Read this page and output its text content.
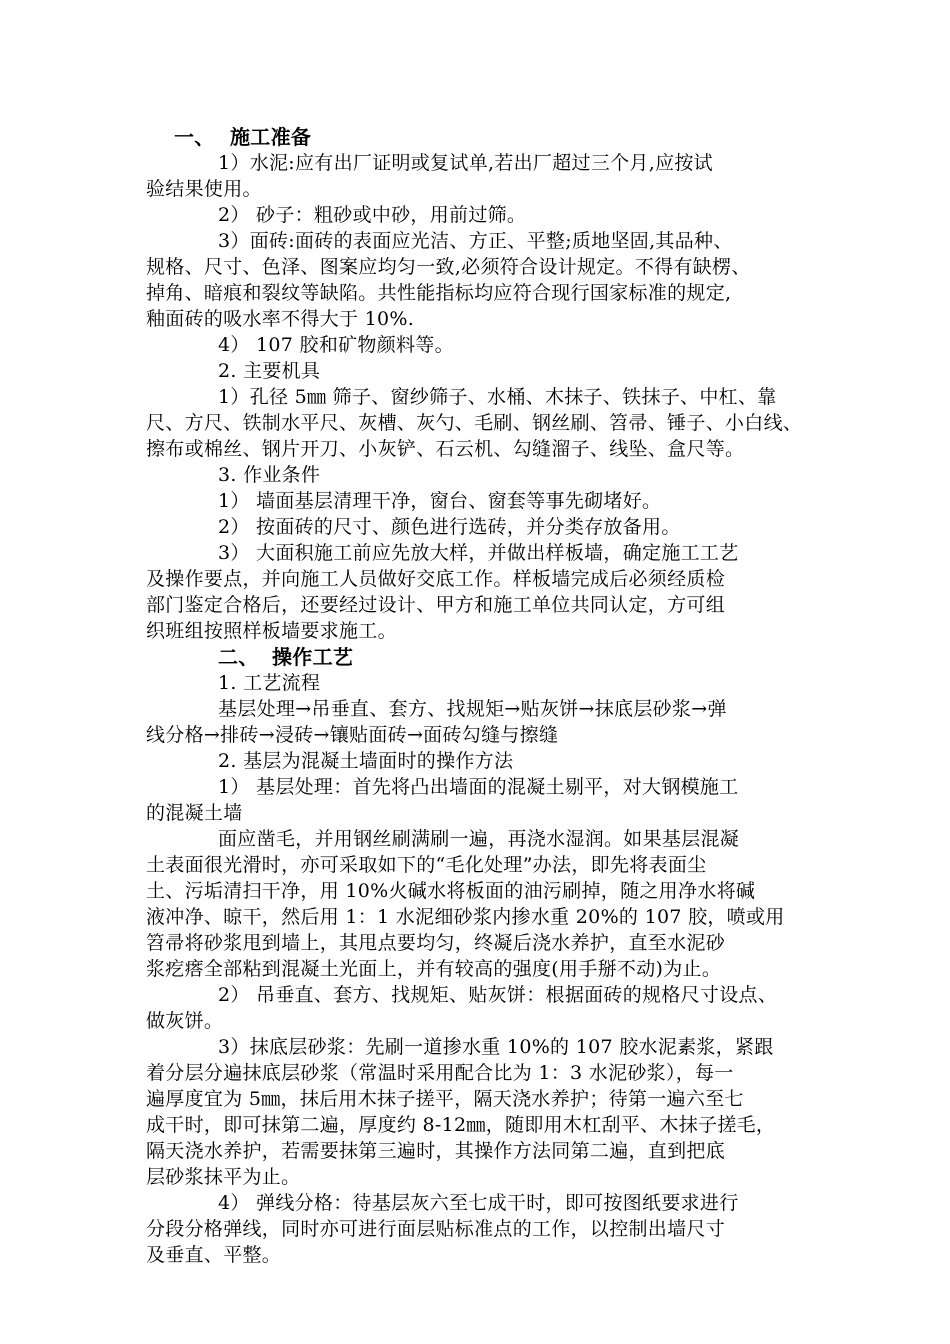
一、 施工准备
1）水泥:应有出厂证明或复试单,若出厂超过三个月,应按试
验结果使用。
2） 砂子：粗砂或中砂，用前过筛。
3）面砖:面砖的表面应光洁、方正、平整;质地坚固,其品种、
规格、尺寸、色泽、图案应均匀一致,必须符合设计规定。不得有缺楞、
掉角、暗痕和裂纹等缺陷。共性能指标均应符合现行国家标准的规定,
釉面砖的吸水率不得大于 10%.
4） 107 胶和矿物颜料等。
2. 主要机具
1）孔径 5㎜ 筛子、窗纱筛子、水桶、木抹子、铁抹子、中杠、靠
尺、方尺、铁制水平尺、灰槽、灰勺、毛刷、钢丝刷、笤帚、锤子、小白线、
擦布或棉丝、钢片开刀、小灰铲、石云机、勾缝溜子、线坠、盒尺等。
3. 作业条件
1） 墙面基层清理干净，窗台、窗套等事先砌堵好。
2） 按面砖的尺寸、颜色进行选砖，并分类存放备用。
3） 大面积施工前应先放大样，并做出样板墙，确定施工工艺
及操作要点，并向施工人员做好交底工作。样板墙完成后必须经质检
部门鉴定合格后，还要经过设计、甲方和施工单位共同认定，方可组
织班组按照样板墙要求施工。
二、 操作工艺
1. 工艺流程
基层处理→吊垂直、套方、找规矩→贴灰饼→抹底层砂浆→弹
线分格→排砖→浸砖→镶贴面砖→面砖勾缝与擦缝
2. 基层为混凝土墙面时的操作方法
1） 基层处理：首先将凸出墙面的混凝土剔平，对大钢模施工
的混凝土墙
面应凿毛，并用钢丝刷满刷一遍，再浇水湿润。如果基层混凝
土表面很光滑时，亦可采取如下的“毛化处理”办法，即先将表面尘
土、污垢清扫干净，用 10%火碱水将板面的油污刷掉，随之用净水将碱
液冲净、晾干，然后用 1：1 水泥细砂浆内掺水重 20%的 107 胶，喷或用
笤帚将砂浆甩到墙上，其甩点要均匀，终凝后浇水养护，直至水泥砂
浆疙瘩全部粘到混凝土光面上，并有较高的强度(用手掰不动)为止。
2） 吊垂直、套方、找规矩、贴灰饼：根据面砖的规格尺寸设点、
做灰饼。
3）抹底层砂浆：先刷一道掺水重 10%的 107 胶水泥素浆，紧跟
着分层分遍抹底层砂浆（常温时采用配合比为 1：3 水泥砂浆），每一
遍厚度宜为 5㎜，抹后用木抹子搓平，隔天浇水养护；待第一遍六至七
成干时，即可抹第二遍，厚度约 8-12㎜，随即用木杠刮平、木抹子搓毛，
隔天浇水养护，若需要抹第三遍时，其操作方法同第二遍，直到把底
层砂浆抹平为止。
4） 弹线分格：待基层灰六至七成干时，即可按图纸要求进行
分段分格弹线，同时亦可进行面层贴标准点的工作，以控制出墙尺寸
及垂直、平整。
